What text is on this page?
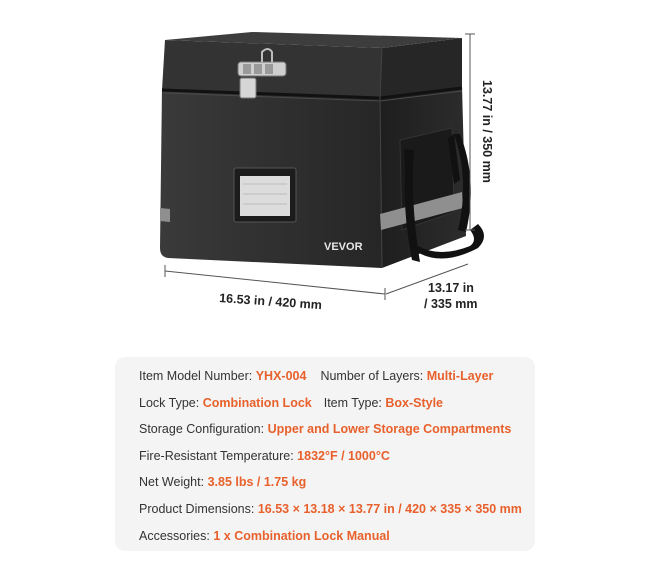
VEVOR
13.77 in / 350 mm
16.53 in / 420 mm
13.17 in
/ 335 mm
Item Model Number: YHX-004 Number of Layers: Multi-Layer
Lock Type: Combination Lock Item Type: Box-Style
Storage Configuration: Upper and Lower Storage Compartments
Fire-Resistant Temperature: 1832°F / 1000°C
Net Weight: 3.85 lbs / 1.75 kg
Product Dimensions: 16.53 × 13.18 × 13.77 in / 420 × 335 × 350 mm
Accessories: 1 x Combination Lock Manual
